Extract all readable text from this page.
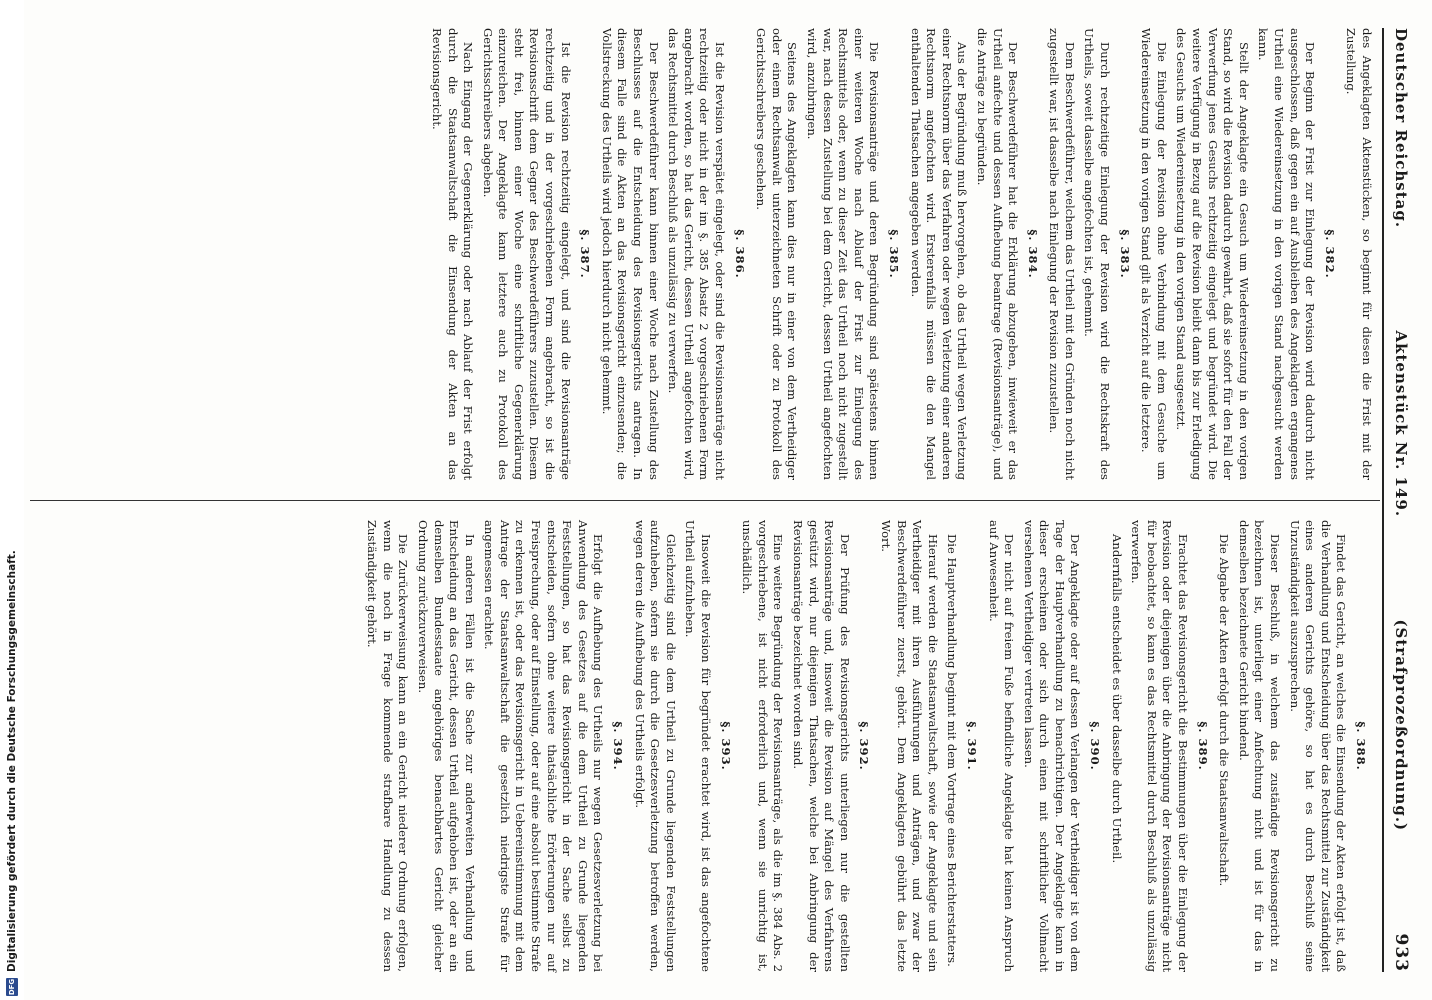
Deutscher Reichstag.
Aktenstück Nr. 149.
(Strafprozeßordnung.)
933

des Angeklagten Aktenstücken, so beginnt für diesen die Frist mit der Zustellung.

§. 382.

Der Beginn der Frist zur Einlegung der Revision wird dadurch nicht ausgeschlossen, daß gegen ein auf Ausbleiben des Angeklagten ergangenes Urtheil eine Wiedereinsetzung in den vorigen Stand nachgesucht werden kann.

Stellt der Angeklagte ein Gesuch um Wiedereinsetzung in den vorigen Stand, so wird die Revision dadurch gewahrt, daß sie sofort für den Fall der Verwerfung jenes Gesuchs rechtzeitig eingelegt und begründet wird. Die weitere Verfügung in Bezug auf die Revision bleibt dann bis zur Erledigung des Gesuchs um Wiedereinsetzung in den vorigen Stand ausgesetzt.

Die Einlegung der Revision ohne Verbindung mit dem Gesuche um Wiedereinsetzung in den vorigen Stand gilt als Verzicht auf die letztere.

§. 383.

Durch rechtzeitige Einlegung der Revision wird die Rechtskraft des Urtheils, soweit dasselbe angefochten ist, gehemmt.

Dem Beschwerdeführer, welchem das Urtheil mit den Gründen noch nicht zugestellt war, ist dasselbe nach Einlegung der Revision zuzustellen.

§. 384.

Der Beschwerdeführer hat die Erklärung abzugeben, inwieweit er das Urtheil anfechte und dessen Aufhebung beantrage (Revisionsanträge), und die Anträge zu begründen.

Aus der Begründung muß hervorgehen, ob das Urtheil wegen Verletzung einer Rechtsnorm über das Verfahren oder wegen Verletzung einer anderen Rechtsnorm angefochten wird. Ersterenfalls müssen die den Mangel enthaltenden Thatsachen angegeben werden.

§. 385.

Die Revisionsanträge und deren Begründung sind spätestens binnen einer weiteren Woche nach Ablauf der Frist zur Einlegung des Rechtsmittels oder, wenn zu dieser Zeit das Urtheil noch nicht zugestellt war, nach dessen Zustellung bei dem Gericht, dessen Urtheil angefochten wird, anzubringen.

Seitens des Angeklagten kann dies nur in einer von dem Vertheidiger oder einem Rechtsanwalt unterzeichneten Schrift oder zu Protokoll des Gerichtsschreibers geschehen.

§. 386.

Ist die Revision verspätet eingelegt, oder sind die Revisionsanträge nicht rechtzeitig oder nicht in der im §. 385 Absatz 2 vorgeschriebenen Form angebracht worden, so hat das Gericht, dessen Urtheil angefochten wird, das Rechtsmittel durch Beschluß als unzulässig zu verwerfen.

Der Beschwerdeführer kann binnen einer Woche nach Zustellung des Beschlusses auf die Entscheidung des Revisionsgerichts antragen. In diesem Falle sind die Akten an das Revisionsgericht einzusenden; die Vollstreckung des Urtheils wird jedoch hierdurch nicht gehemmt.

§. 387.

Ist die Revision rechtzeitig eingelegt, und sind die Revisionsanträge rechtzeitig und in der vorgeschriebenen Form angebracht, so ist die Revisionsschrift dem Gegner des Beschwerdeführers zuzustellen. Diesem steht frei, binnen einer Woche eine schriftliche Gegenerklärung einzureichen. Der Angeklagte kann letztere auch zu Protokoll des Gerichtsschreibers abgeben.

Nach Eingang der Gegenerklärung oder nach Ablauf der Frist erfolgt durch die Staatsanwaltschaft die Einsendung der Akten an das Revisionsgericht.

§. 388.

Findet das Gericht, an welches die Einsendung der Akten erfolgt ist, daß die Verhandlung und Entscheidung über das Rechtsmittel zur Zuständigkeit eines anderen Gerichts gehöre, so hat es durch Beschluß seine Unzuständigkeit auszusprechen.

Dieser Beschluß, in welchem das zuständige Revisionsgericht zu bezeichnen ist, unterliegt einer Anfechtung nicht und ist für das in demselben bezeichnete Gericht bindend.

Die Abgabe der Akten erfolgt durch die Staatsanwaltschaft.

§. 389.

Erachtet das Revisionsgericht die Bestimmungen über die Einlegung der Revision oder diejenigen über die Anbringung der Revisionsanträge nicht für beobachtet, so kann es das Rechtsmittel durch Beschluß als unzulässig verwerfen.

Andernfalls entscheidet es über dasselbe durch Urtheil.

§. 390.

Der Angeklagte oder auf dessen Verlangen der Vertheidiger ist von dem Tage der Hauptverhandlung zu benachrichtigen. Der Angeklagte kann in dieser erscheinen oder sich durch einen mit schriftlicher Vollmacht versehenen Vertheidiger vertreten lassen.

Der nicht auf freiem Fuße befindliche Angeklagte hat keinen Anspruch auf Anwesenheit.

§. 391.

Die Hauptverhandlung beginnt mit dem Vortrage eines Berichterstatters.

Hierauf werden die Staatsanwaltschaft, sowie der Angeklagte und sein Vertheidiger mit ihren Ausführungen und Anträgen, und zwar der Beschwerdeführer zuerst, gehört. Dem Angeklagten gebührt das letzte Wort.

§. 392.

Der Prüfung des Revisionsgerichts unterliegen nur die gestellten Revisionsanträge und, insoweit die Revision auf Mängel des Verfahrens gestützt wird, nur diejenigen Thatsachen, welche bei Anbringung der Revisionsanträge bezeichnet worden sind.

Eine weitere Begründung der Revisionsanträge, als die im §. 384 Abs. 2 vorgeschriebene, ist nicht erforderlich und, wenn sie unrichtig ist, unschädlich.

§. 393.

Insoweit die Revision für begründet erachtet wird, ist das angefochtene Urtheil aufzuheben.

Gleichzeitig sind die dem Urtheil zu Grunde liegenden Feststellungen aufzuheben, sofern sie durch die Gesetzesverletzung betroffen werden, wegen deren die Aufhebung des Urtheils erfolgt.

§. 394.

Erfolgt die Aufhebung des Urtheils nur wegen Gesetzesverletzung bei Anwendung des Gesetzes auf die dem Urtheil zu Grunde liegenden Feststellungen, so hat das Revisionsgericht in der Sache selbst zu entscheiden, sofern ohne weitere thatsächliche Erörterungen nur auf Freisprechung, oder auf Einstellung, oder auf eine absolut bestimmte Strafe zu erkennen ist, oder das Revisionsgericht in Uebereinstimmung mit dem Antrage der Staatsanwaltschaft die gesetzlich niedrigste Strafe für angemessen erachtet.

In anderen Fällen ist die Sache zur anderweiten Verhandlung und Entscheidung an das Gericht, dessen Urtheil aufgehoben ist, oder an ein demselben Bundesstaate angehöriges benachbartes Gericht gleicher Ordnung zurückzuverweisen.

Die Zurückverweisung kann an ein Gericht niederer Ordnung erfolgen, wenn die noch in Frage kommende strafbare Handlung zu dessen Zuständigkeit gehört.

DFG
Digitalisierung gefördert durch die Deutsche Forschungsgemeinschaft.
